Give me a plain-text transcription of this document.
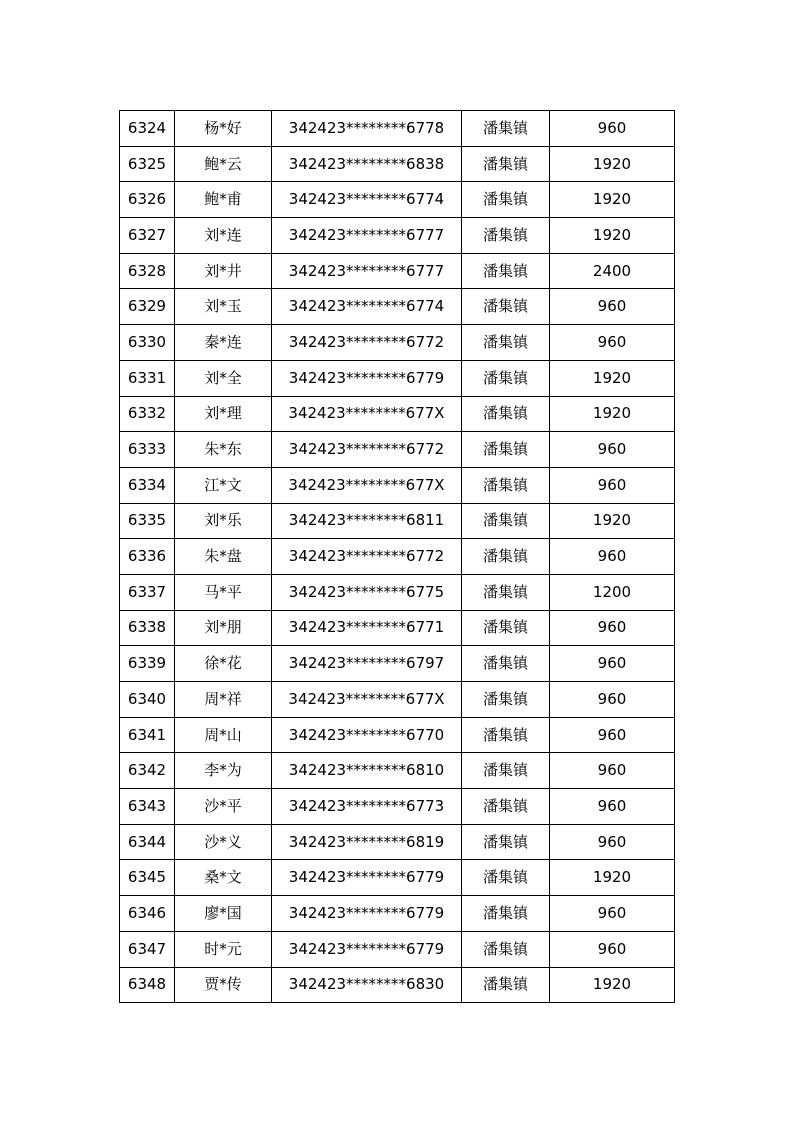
6324	杨*好	342423********6778	潘集镇	960
6325	鲍*云	342423********6838	潘集镇	1920
6326	鲍*甫	342423********6774	潘集镇	1920
6327	刘*连	342423********6777	潘集镇	1920
6328	刘*井	342423********6777	潘集镇	2400
6329	刘*玉	342423********6774	潘集镇	960
6330	秦*连	342423********6772	潘集镇	960
6331	刘*全	342423********6779	潘集镇	1920
6332	刘*理	342423********677X	潘集镇	1920
6333	朱*东	342423********6772	潘集镇	960
6334	江*文	342423********677X	潘集镇	960
6335	刘*乐	342423********6811	潘集镇	1920
6336	朱*盘	342423********6772	潘集镇	960
6337	马*平	342423********6775	潘集镇	1200
6338	刘*朋	342423********6771	潘集镇	960
6339	徐*花	342423********6797	潘集镇	960
6340	周*祥	342423********677X	潘集镇	960
6341	周*山	342423********6770	潘集镇	960
6342	李*为	342423********6810	潘集镇	960
6343	沙*平	342423********6773	潘集镇	960
6344	沙*义	342423********6819	潘集镇	960
6345	桑*文	342423********6779	潘集镇	1920
6346	廖*国	342423********6779	潘集镇	960
6347	时*元	342423********6779	潘集镇	960
6348	贾*传	342423********6830	潘集镇	1920
